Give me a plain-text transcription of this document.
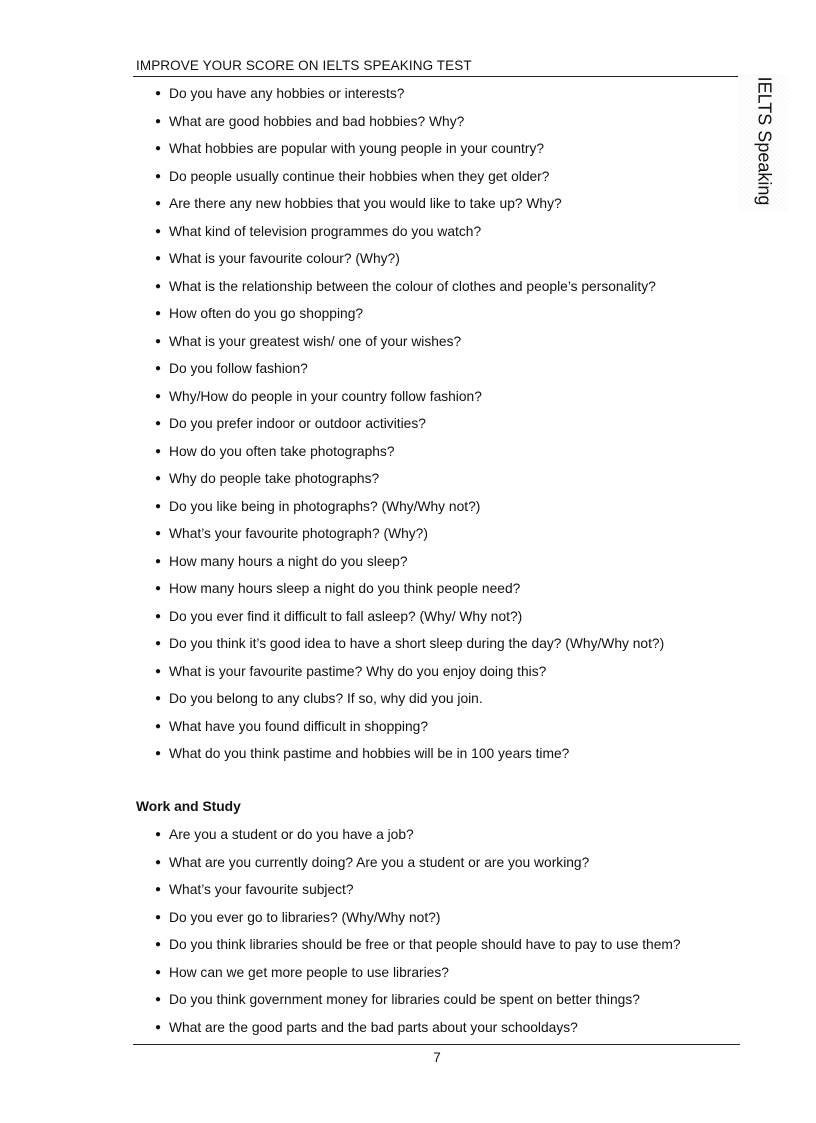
IMPROVE YOUR SCORE ON IELTS SPEAKING TEST
IELTS Speaking
● Do you have any hobbies or interests?
● What are good hobbies and bad hobbies? Why?
● What hobbies are popular with young people in your country?
● Do people usually continue their hobbies when they get older?
● Are there any new hobbies that you would like to take up? Why?
● What kind of television programmes do you watch?
● What is your favourite colour? (Why?)
● What is the relationship between the colour of clothes and people’s personality?
● How often do you go shopping?
● What is your greatest wish/ one of your wishes?
● Do you follow fashion?
● Why/How do people in your country follow fashion?
● Do you prefer indoor or outdoor activities?
● How do you often take photographs?
● Why do people take photographs?
● Do you like being in photographs? (Why/Why not?)
● What’s your favourite photograph? (Why?)
● How many hours a night do you sleep?
● How many hours sleep a night do you think people need?
● Do you ever find it difficult to fall asleep? (Why/ Why not?)
● Do you think it’s good idea to have a short sleep during the day? (Why/Why not?)
● What is your favourite pastime? Why do you enjoy doing this?
● Do you belong to any clubs? If so, why did you join.
● What have you found difficult in shopping?
● What do you think pastime and hobbies will be in 100 years time?
Work and Study
● Are you a student or do you have a job?
● What are you currently doing? Are you a student or are you working?
● What’s your favourite subject?
● Do you ever go to libraries? (Why/Why not?)
● Do you think libraries should be free or that people should have to pay to use them?
● How can we get more people to use libraries?
● Do you think government money for libraries could be spent on better things?
● What are the good parts and the bad parts about your schooldays?
7
